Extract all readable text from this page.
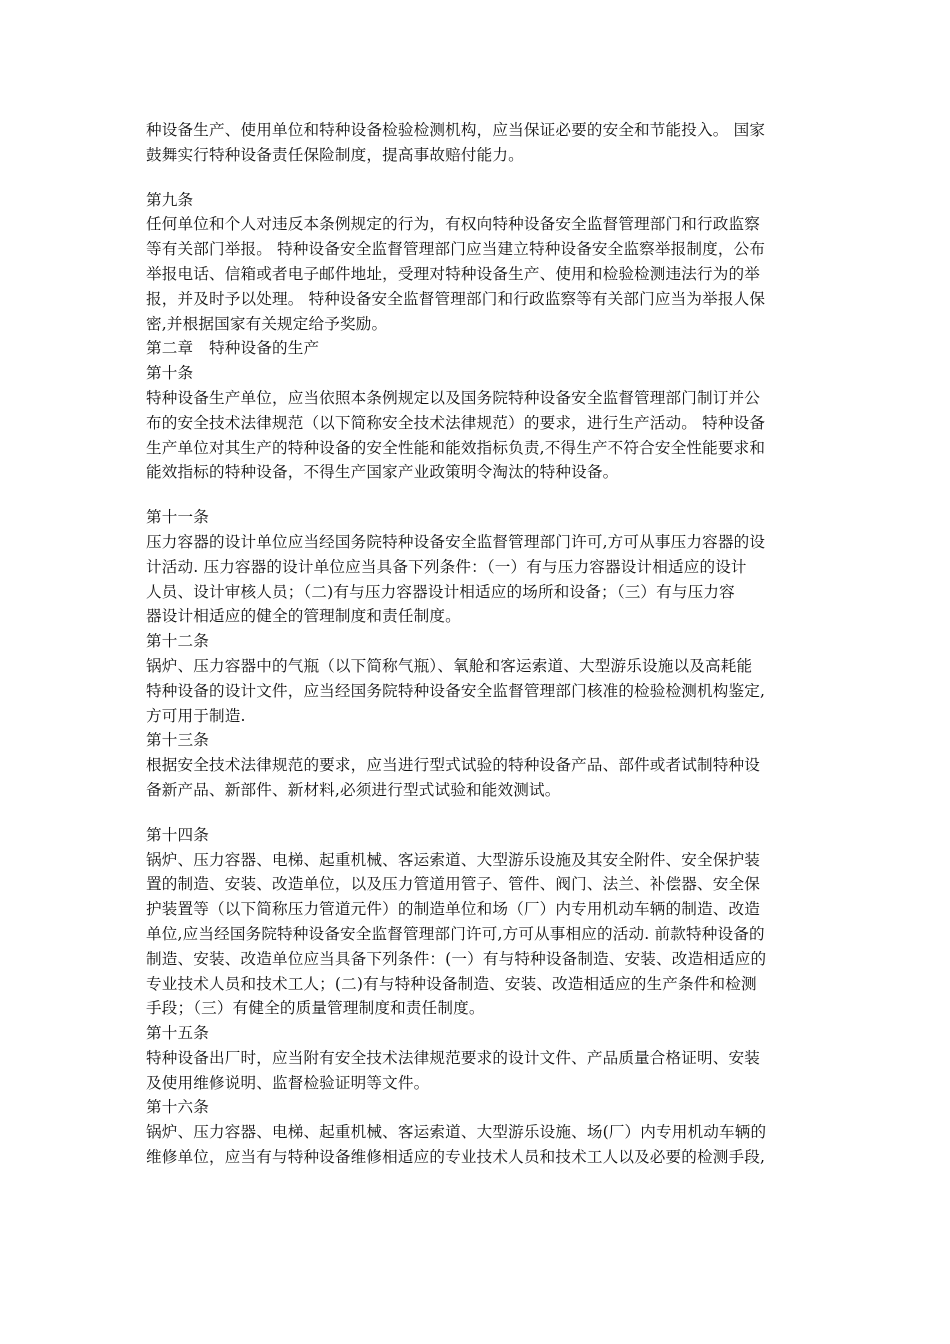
种设备生产、使用单位和特种设备检验检测机构，应当保证必要的安全和节能投入。 国家
鼓舞实行特种设备责任保险制度，提高事故赔付能力。
第九条
任何单位和个人对违反本条例规定的行为，有权向特种设备安全监督管理部门和行政监察
等有关部门举报。 特种设备安全监督管理部门应当建立特种设备安全监察举报制度，公布
举报电话、信箱或者电子邮件地址，受理对特种设备生产、使用和检验检测违法行为的举
报，并及时予以处理。 特种设备安全监督管理部门和行政监察等有关部门应当为举报人保
密,并根据国家有关规定给予奖励。
第二章　特种设备的生产
第十条
特种设备生产单位，应当依照本条例规定以及国务院特种设备安全监督管理部门制订并公
布的安全技术法律规范（以下简称安全技术法律规范）的要求，进行生产活动。 特种设备
生产单位对其生产的特种设备的安全性能和能效指标负责,不得生产不符合安全性能要求和
能效指标的特种设备，不得生产国家产业政策明令淘汰的特种设备。
第十一条
压力容器的设计单位应当经国务院特种设备安全监督管理部门许可,方可从事压力容器的设
计活动. 压力容器的设计单位应当具备下列条件：（一）有与压力容器设计相适应的设计
人员、设计审核人员；（二)有与压力容器设计相适应的场所和设备；（三）有与压力容
器设计相适应的健全的管理制度和责任制度。
第十二条
锅炉、压力容器中的气瓶（以下简称气瓶）、氧舱和客运索道、大型游乐设施以及高耗能
特种设备的设计文件，应当经国务院特种设备安全监督管理部门核准的检验检测机构鉴定,
方可用于制造.
第十三条
根据安全技术法律规范的要求，应当进行型式试验的特种设备产品、部件或者试制特种设
备新产品、新部件、新材料,必须进行型式试验和能效测试。
第十四条
锅炉、压力容器、电梯、起重机械、客运索道、大型游乐设施及其安全附件、安全保护装
置的制造、安装、改造单位，以及压力管道用管子、管件、阀门、法兰、补偿器、安全保
护装置等（以下简称压力管道元件）的制造单位和场（厂）内专用机动车辆的制造、改造
单位,应当经国务院特种设备安全监督管理部门许可,方可从事相应的活动. 前款特种设备的
制造、安装、改造单位应当具备下列条件：(一）有与特种设备制造、安装、改造相适应的
专业技术人员和技术工人；(二)有与特种设备制造、安装、改造相适应的生产条件和检测
手段；（三）有健全的质量管理制度和责任制度。
第十五条
特种设备出厂时，应当附有安全技术法律规范要求的设计文件、产品质量合格证明、安装
及使用维修说明、监督检验证明等文件。
第十六条
锅炉、压力容器、电梯、起重机械、客运索道、大型游乐设施、场(厂）内专用机动车辆的
维修单位，应当有与特种设备维修相适应的专业技术人员和技术工人以及必要的检测手段,
